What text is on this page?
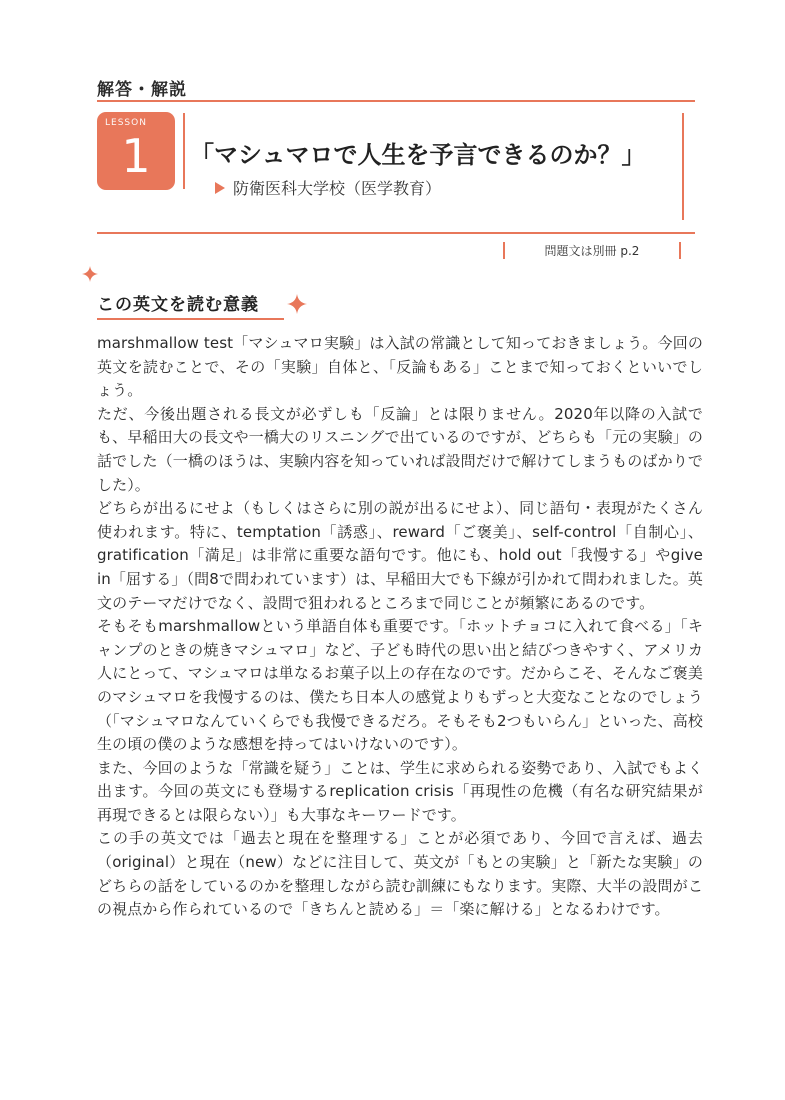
解答・解説
LESSON
1	「マシュマロで人生を予言できるのか？」
防衛医科大学校（医学教育）
問題文は別冊 p.2
この英文を読む意義

marshmallow test「マシュマロ実験」は入試の常識として知っておきましょう。今回の英文を読むことで、その「実験」自体と、「反論もある」ことまで知っておくといいでしょう。

ただ、今後出題される長文が必ずしも「反論」とは限りません。2020年以降の入試でも、早稲田大の長文や一橋大のリスニングで出ているのですが、どちらも「元の実験」の話でした（一橋のほうは、実験内容を知っていれば設問だけで解けてしまうものばかりでした）。

どちらが出るにせよ（もしくはさらに別の説が出るにせよ）、同じ語句・表現がたくさん使われます。特に、temptation「誘惑」、reward「ご褒美」、self-control「自制心」、gratification「満足」は非常に重要な語句です。他にも、hold out「我慢する」やgive in「屈する」（問8で問われています）は、早稲田大でも下線が引かれて問われました。英文のテーマだけでなく、設問で狙われるところまで同じことが頻繁にあるのです。

そもそもmarshmallowという単語自体も重要です。「ホットチョコに入れて食べる」「キャンプのときの焼きマシュマロ」など、子ども時代の思い出と結びつきやすく、アメリカ人にとって、マシュマロは単なるお菓子以上の存在なのです。だからこそ、そんなご褒美のマシュマロを我慢するのは、僕たち日本人の感覚よりもずっと大変なことなのでしょう（「マシュマロなんていくらでも我慢できるだろ。そもそも2つもいらん」といった、高校生の頃の僕のような感想を持ってはいけないのです）。

また、今回のような「常識を疑う」ことは、学生に求められる姿勢であり、入試でもよく出ます。今回の英文にも登場するreplication crisis「再現性の危機（有名な研究結果が再現できるとは限らない）」も大事なキーワードです。

この手の英文では「過去と現在を整理する」ことが必須であり、今回で言えば、過去（original）と現在（new）などに注目して、英文が「もとの実験」と「新たな実験」のどちらの話をしているのかを整理しながら読む訓練にもなります。実際、大半の設問がこの視点から作られているので「きちんと読める」＝「楽に解ける」となるわけです。
